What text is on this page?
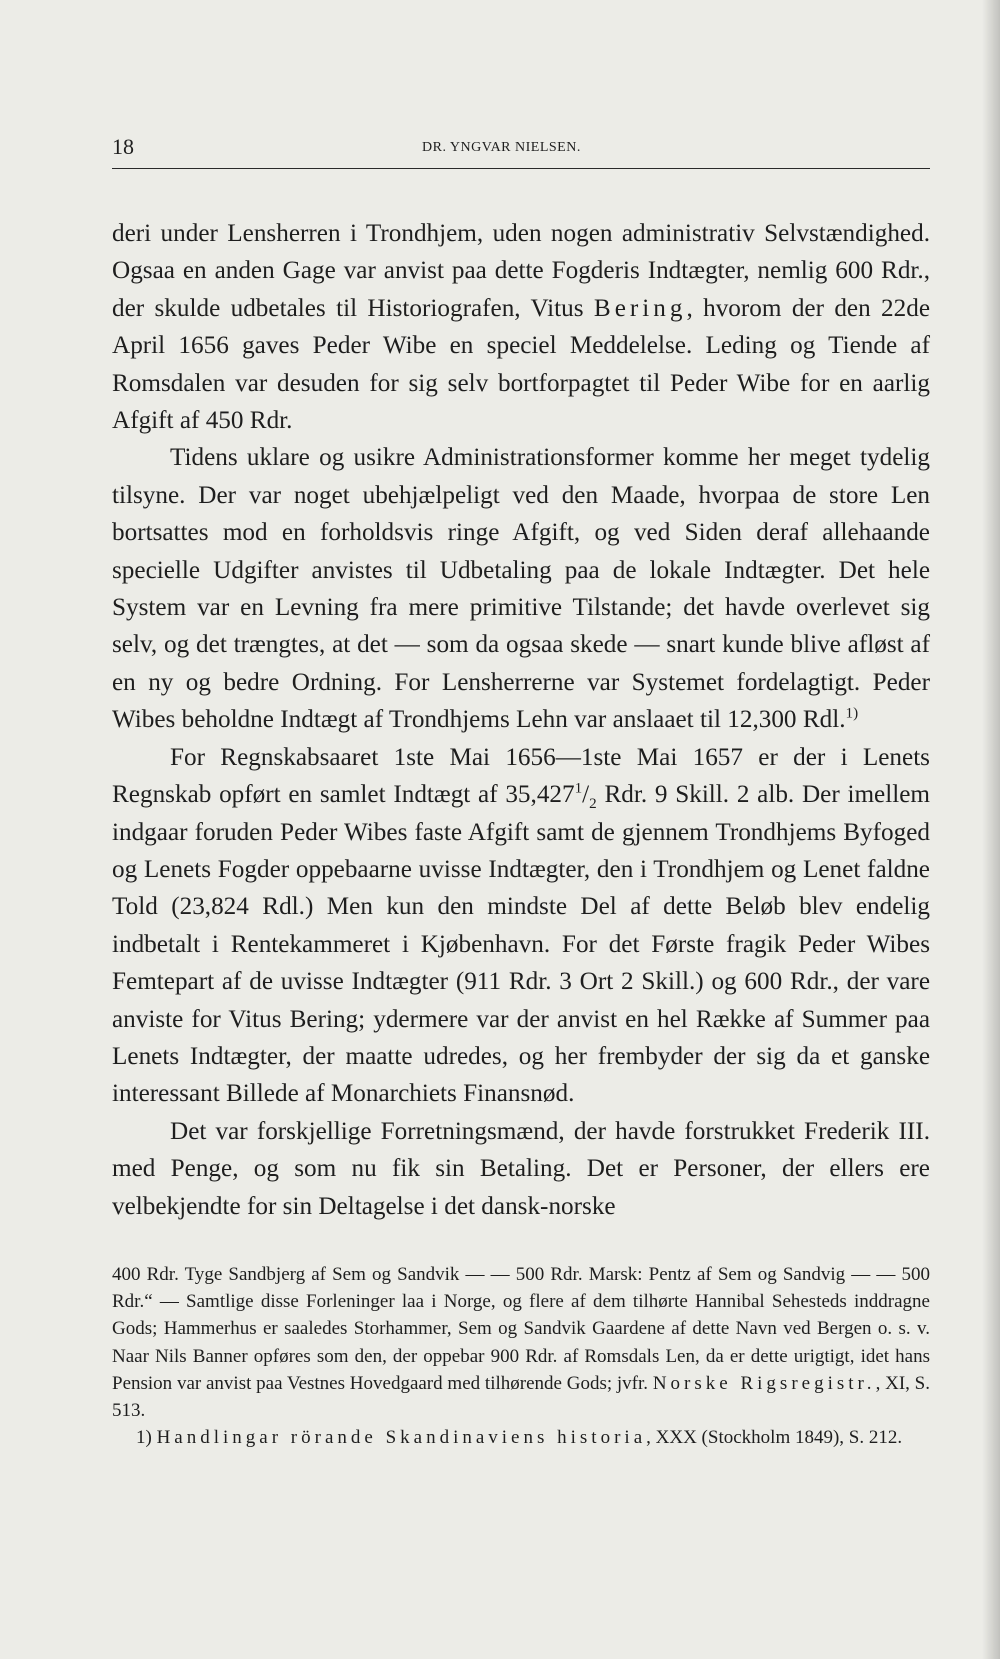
18	DR. YNGVAR NIELSEN.

deri under Lensherren i Trondhjem, uden nogen administrativ Selvstændighed. Ogsaa en anden Gage var anvist paa dette Fogderis Indtægter, nemlig 600 Rdr., der skulde udbetales til Historiografen, Vitus Bering, hvorom der den 22de April 1656 gaves Peder Wibe en speciel Meddelelse. Leding og Tiende af Romsdalen var desuden for sig selv bortforpagtet til Peder Wibe for en aarlig Afgift af 450 Rdr.

Tidens uklare og usikre Administrationsformer komme her meget tydelig tilsyne. Der var noget ubehjælpeligt ved den Maade, hvorpaa de store Len bortsattes mod en forholdsvis ringe Afgift, og ved Siden deraf allehaande specielle Udgifter anvistes til Udbetaling paa de lokale Indtægter. Det hele System var en Levning fra mere primitive Tilstande; det havde overlevet sig selv, og det trængtes, at det — som da ogsaa skede — snart kunde blive afløst af en ny og bedre Ordning. For Lensherrerne var Systemet fordelagtigt. Peder Wibes beholdne Indtægt af Trondhjems Lehn var anslaaet til 12,300 Rdl.$^{1)}$

For Regnskabsaaret 1ste Mai 1656—1ste Mai 1657 er der i Lenets Regnskab opført en samlet Indtægt af $35,427^1/_2$ Rdr. 9 Skill. 2 alb. Der imellem indgaar foruden Peder Wibes faste Afgift samt de gjennem Trondhjems Byfoged og Lenets Fogder oppebaarne uvisse Indtægter, den i Trondhjem og Lenet faldne Told (23,824 Rdl.) Men kun den mindste Del af dette Beløb blev endelig indbetalt i Rentekammeret i Kjøbenhavn. For det Første fragik Peder Wibes Femtepart af de uvisse Indtægter (911 Rdr. 3 Ort 2 Skill.) og 600 Rdr., der vare anviste for Vitus Bering; ydermere var der anvist en hel Række af Summer paa Lenets Indtægter, der maatte udredes, og her frembyder der sig da et ganske interessant Billede af Monarchiets Finansnød.

Det var forskjellige Forretningsmænd, der havde forstrukket Frederik III. med Penge, og som nu fik sin Betaling. Det er Personer, der ellers ere velbekjendte for sin Deltagelse i det dansk-norske

400 Rdr. Tyge Sandbjerg af Sem og Sandvik — — 500 Rdr. Marsk: Pentz af Sem og Sandvig — — 500 Rdr.“ — Samtlige disse Forleninger laa i Norge, og flere af dem tilhørte Hannibal Sehesteds inddragne Gods; Hammerhus er saaledes Storhammer, Sem og Sandvik Gaardene af dette Navn ved Bergen o. s. v. Naar Nils Banner opføres som den, der oppebar 900 Rdr. af Romsdals Len, da er dette urigtigt, idet hans Pension var anvist paa Vestnes Hovedgaard med tilhørende Gods; jvfr. Norske Rigsregistr., XI, S. 513.

1) Handlingar rörande Skandinaviens historia, XXX (Stockholm 1849), S. 212.
